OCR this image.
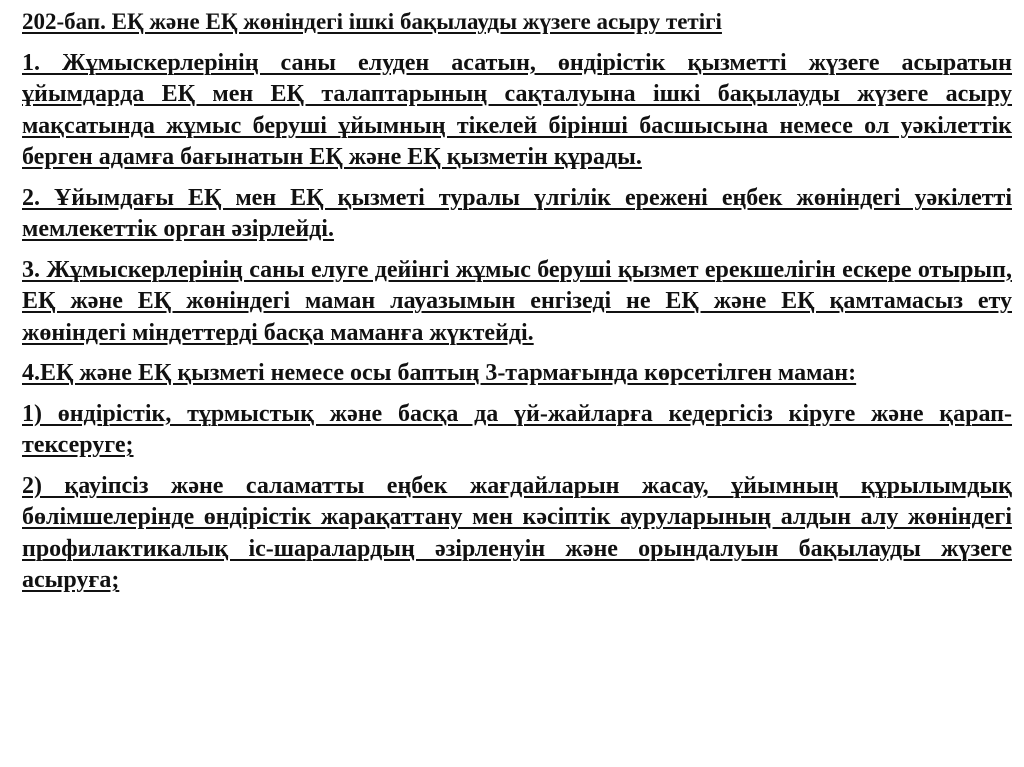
202-бап. ЕҚ және ЕҚ жөніндегі ішкі бақылауды жүзеге асыру тетігі

1. Жұмыскерлерінің саны елуден асатын, өндірістік қызметті жүзеге асыратын ұйымдарда ЕҚ мен ЕҚ талаптарының сақталуына ішкі бақылауды жүзеге асыру мақсатында жұмыс беруші ұйымның тікелей бірінші басшысына немесе ол уәкілеттік берген адамға бағынатын ЕҚ және ЕҚ қызметін құрады.

2. Ұйымдағы ЕҚ мен ЕҚ қызметі туралы үлгілік ережені еңбек жөніндегі уәкілетті мемлекеттік орган әзірлейді.

3. Жұмыскерлерінің саны елуге дейінгі жұмыс беруші қызмет ерекшелігін ескере отырып, ЕҚ және ЕҚ жөніндегі маман лауазымын енгізеді не ЕҚ және ЕҚ қамтамасыз ету жөніндегі міндеттерді басқа маманға жүктейді.

4.ЕҚ және ЕҚ қызметі немесе осы баптың 3-тармағында көрсетілген маман:

1) өндірістік, тұрмыстық және басқа да үй-жайларға кедергісіз кіруге және қарап-тексеруге;

2) қауіпсіз және саламатты еңбек жағдайларын жасау, ұйымның құрылымдық бөлімшелерінде өндірістік жарақаттану мен кәсіптік ауруларының алдын алу жөніндегі профилактикалық іс-шаралардың әзірленуін және орындалуын бақылауды жүзеге асыруға;
